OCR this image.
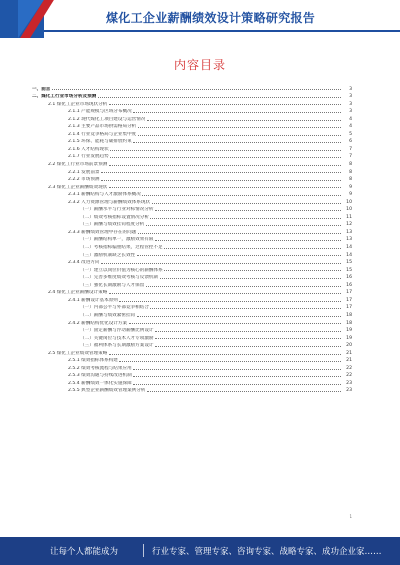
煤化工企业薪酬绩效设计策略研究报告
内容目录
一、前言	3
二、煤化工行业市场分析及预测	3
2.1 煤化工企业市场现状分析	3
2.1.1 产能规模与区域分布概况	3
2.1.2 现代煤化工项目建设与运营情况	4
2.1.3 主要产品市场供需格局分析	4
2.1.4 行业竞争格局与企业集中度	5
2.1.5 环保、能耗与碳排放约束	6
2.1.6 人才结构现状	7
2.1.7 行业发展趋势	7
2.2 煤化工行业市场前景预测	8
2.2.1 发展前景	8
2.2.2 市场预测	8
2.3 煤化工企业薪酬绩效现状	9
2.3.1 薪酬结构与人才激励体系概况	9
2.3.2 人力资源管理与薪酬绩效体系现状	10
（一）薪酬水平与行业对标情况分析	10
（二）绩效考核指标设置情况分析	11
（三）薪酬与绩效挂钩程度分析	12
2.3.3 薪酬绩效管理中存在的问题	13
（一）薪酬结构单一，激励效果有限	13
（二）考核指标偏重结果，过程管控不足	14
（三）激励机制缺乏长效性	14
2.3.4 改进方向	15
（一）建立以岗位价值为核心的薪酬体系	15
（二）完善多维度绩效考核与反馈机制	16
（三）强化长期激励与人才保留	16
2.4 煤化工企业薪酬设计策略	17
2.4.1 薪酬设计基本原则	17
（一）内部公平与外部竞争相结合	17
（二）薪酬与绩效紧密挂钩	18
2.4.2 薪酬结构优化设计方案	18
（一）固定薪酬与浮动薪酬比例设计	19
（二）关键岗位与技术人才专项激励	19
（三）福利体系与长期激励方案设计	20
2.5 煤化工企业绩效管理策略	21
2.5.1 绩效指标体系构建	21
2.5.2 绩效考核流程与结果应用	22
2.5.3 绩效沟通与持续改进机制	22
2.5.4 薪酬绩效一体化实施保障	23
2.5.5 典型企业薪酬绩效管理案例分析	23
1
让每个人都能成为	行业专家、管理专家、咨询专家、战略专家、成功企业家……
